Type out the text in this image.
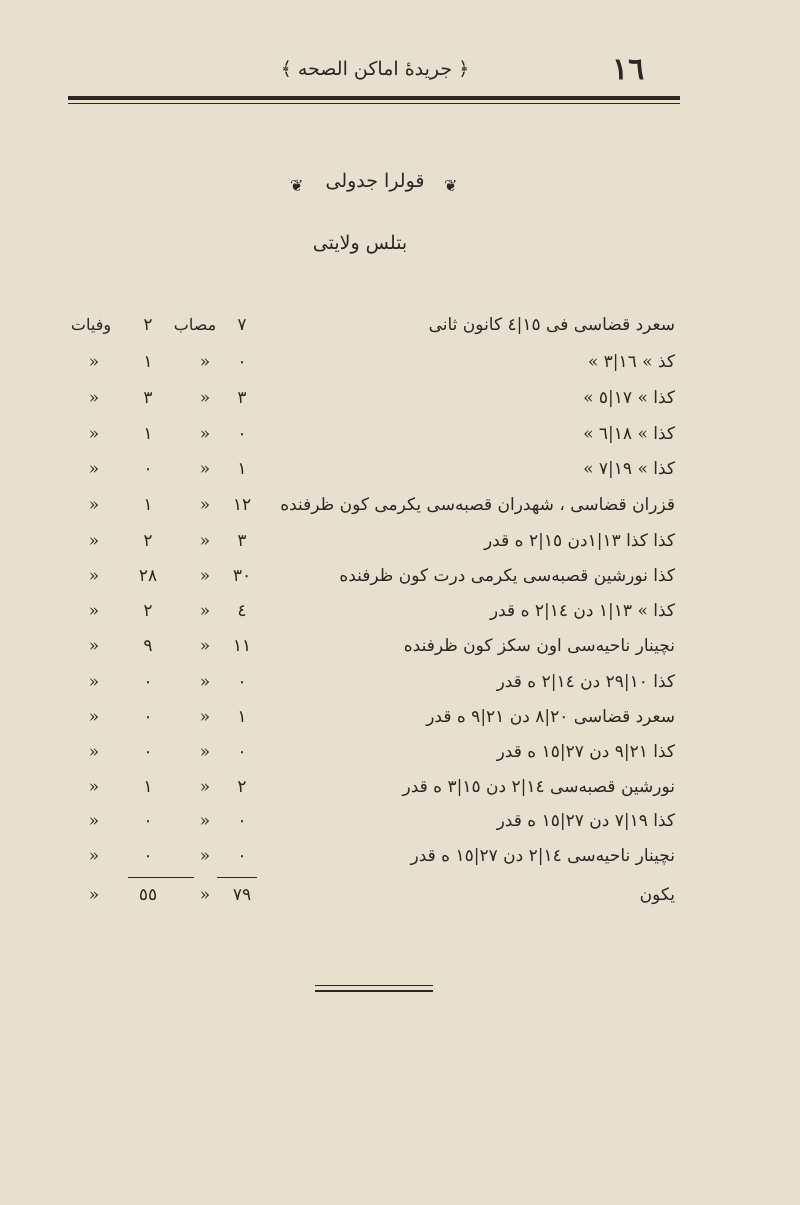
١٦
﴿ جريدهٔ اماکن الصحه ﴾
❦	قولرا جدولی	❦
بتلس ولايتی
سعرد قضاسی فی ١٥|٤ کانون ثانی
٧
مصاب
٢
وفيات
کذ » ١٦|٣ »
٠
»
١
»
کذا » ١٧|٥ »
٣
»
٣
»
کذا » ١٨|٦ »
٠
»
١
»
کذا » ١٩|٧ »
١
»
٠
»
قزران قضاسی ، شهدران قصبه‌سی یکرمی کون ظرفنده
١٢
»
١
»
کذا کذا ١٣|١دن ١٥|٢ ه قدر
٣
»
٢
»
کذا نورشین قصبه‌سی یکرمی درت کون ظرفنده
٣٠
»
٢٨
»
کذا » ١٣|١ دن ١٤|٢ ه قدر
٤
»
٢
»
نچینار ناحیه‌سی اون سکز کون ظرفنده
١١
»
٩
»
کذا ١٠|٢٩ دن ١٤|٢ ه قدر
٠
»
٠
»
سعرد قضاسی ٢٠|٨ دن ٢١|٩ ه قدر
١
»
٠
»
کذا ٢١|٩ دن ٢٧|١٥ ه قدر
٠
»
٠
»
نورشین قصبه‌سی ١٤|٢ دن ١٥|٣ ه قدر
٢
»
١
»
کذا ١٩|٧ دن ٢٧|١٥ ه قدر
٠
»
٠
»
نچینار ناحیه‌سی ١٤|٢ دن ٢٧|١٥ ه قدر
٠
»
٠
»
یکون
٧٩
»
٥٥
»
